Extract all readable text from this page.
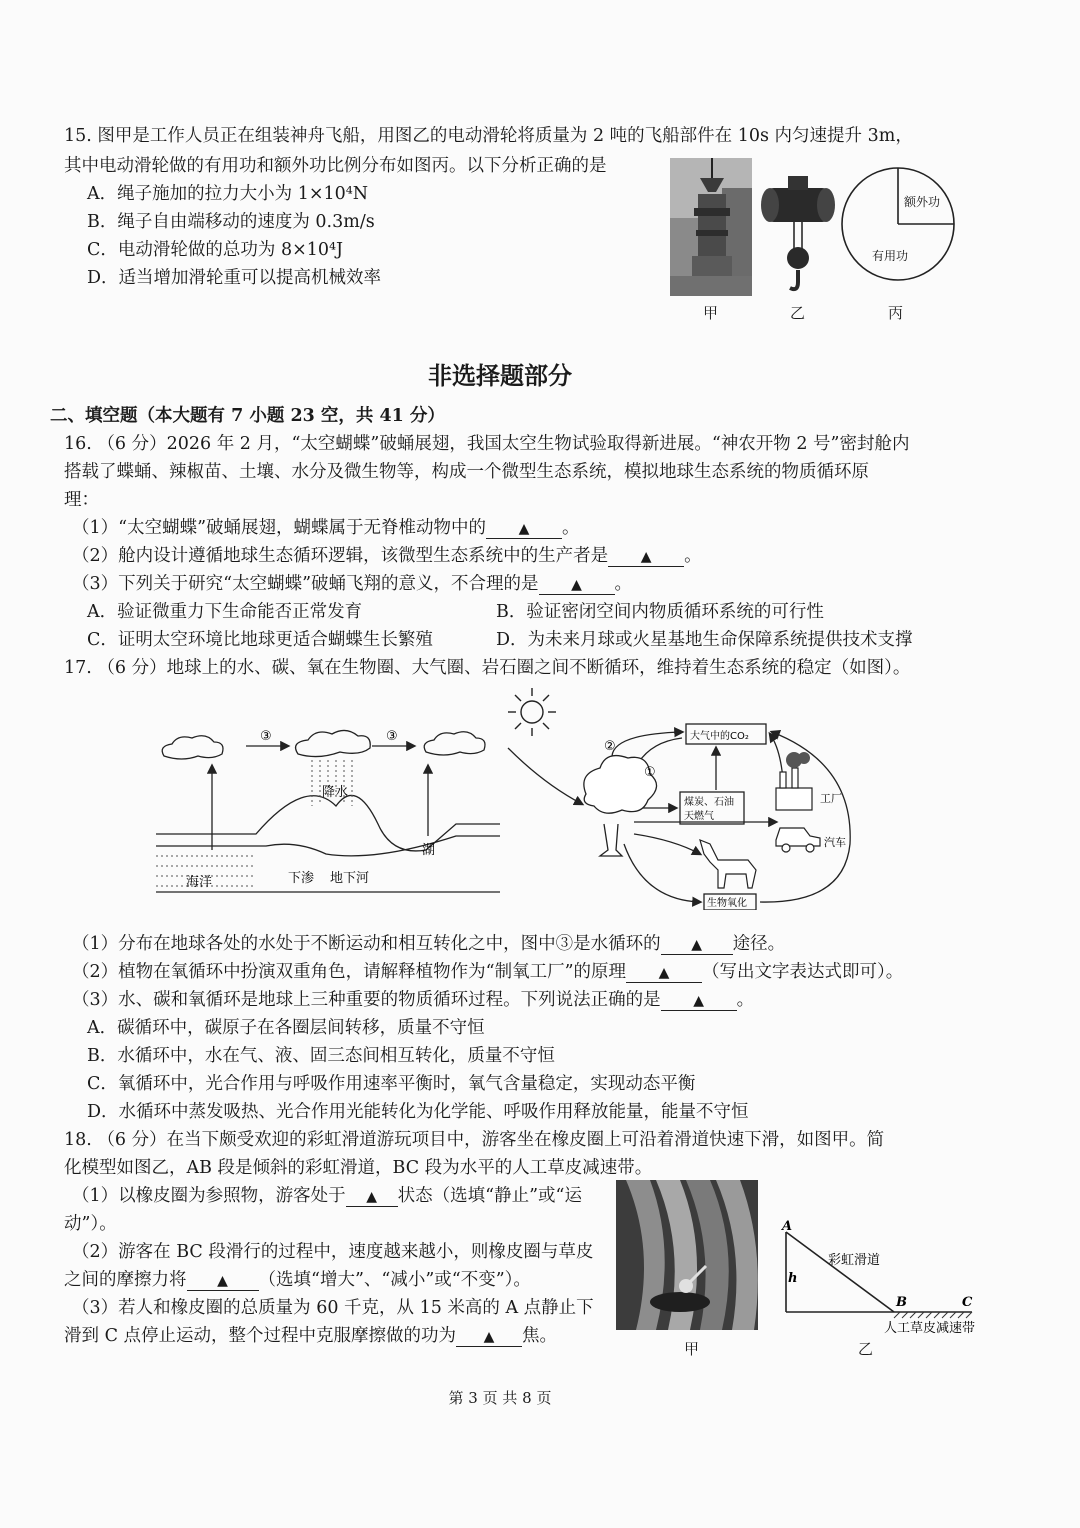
15. 图甲是工作人员正在组装神舟飞船，用图乙的电动滑轮将质量为 2 吨的飞船部件在 10s 内匀速提升 3m，
其中电动滑轮做的有用功和额外功比例分布如图丙。以下分析正确的是
A．绳子施加的拉力大小为 1×10⁴N
B．绳子自由端移动的速度为 0.3m/s
C．电动滑轮做的总功为 8×10⁴J
D．适当增加滑轮重可以提高机械效率
甲	乙
额外功
有用功
丙
非选择题部分
二、填空题（本大题有 7 小题 23 空，共 41 分）
16. （6 分）2026 年 2 月，“太空蝴蝶”破蛹展翅，我国太空生物试验取得新进展。“神农开物 2 号”密封舱内
搭载了蝶蛹、辣椒苗、土壤、水分及微生物等，构成一个微型生态系统，模拟地球生态系统的物质循环原
理：
（1）“太空蝴蝶”破蛹展翅，蝴蝶属于无脊椎动物中的 ▲ 。
（2）舱内设计遵循地球生态循环逻辑，该微型生态系统中的生产者是 ▲ 。
（3）下列关于研究“太空蝴蝶”破蛹飞翔的意义，不合理的是 ▲ 。
A．验证微重力下生命能否正常发育	B．验证密闭空间内物质循环系统的可行性
C．证明太空环境比地球更适合蝴蝶生长繁殖	D．为未来月球或火星基地生命保障系统提供技术支撑
17. （6 分）地球上的水、碳、氧在生物圈、大气圈、岩石圈之间不断循环，维持着生态系统的稳定（如图）。
③	③
降水
湖
海洋	下渗 地下河
②
①
大气中的CO₂
煤炭、石油
天燃气
工厂
汽车
生物氧化
（1）分布在地球各处的水处于不断运动和相互转化之中，图中③是水循环的 ▲ 途径。
（2）植物在氧循环中扮演双重角色，请解释植物作为“制氧工厂”的原理 ▲ （写出文字表达式即可）。
（3）水、碳和氧循环是地球上三种重要的物质循环过程。下列说法正确的是 ▲ 。
A．碳循环中，碳原子在各圈层间转移，质量不守恒
B．水循环中，水在气、液、固三态间相互转化，质量不守恒
C．氧循环中，光合作用与呼吸作用速率平衡时，氧气含量稳定，实现动态平衡
D．水循环中蒸发吸热、光合作用光能转化为化学能、呼吸作用释放能量，能量不守恒
18. （6 分）在当下颇受欢迎的彩虹滑道游玩项目中，游客坐在橡皮圈上可沿着滑道快速下滑，如图甲。简
化模型如图乙，AB 段是倾斜的彩虹滑道，BC 段为水平的人工草皮减速带。
（1）以橡皮圈为参照物，游客处于 ▲ 状态（选填“静止”或“运
动”）。
（2）游客在 BC 段滑行的过程中，速度越来越小，则橡皮圈与草皮
之间的摩擦力将 ▲ （选填“增大”、“减小”或“不变”）。
（3）若人和橡皮圈的总质量为 60 千克，从 15 米高的 A 点静止下
滑到 C 点停止运动，整个过程中克服摩擦做的功为 ▲ 焦。
甲
A
B	C
h
彩虹滑道
人工草皮减速带
乙
第 3 页 共 8 页
